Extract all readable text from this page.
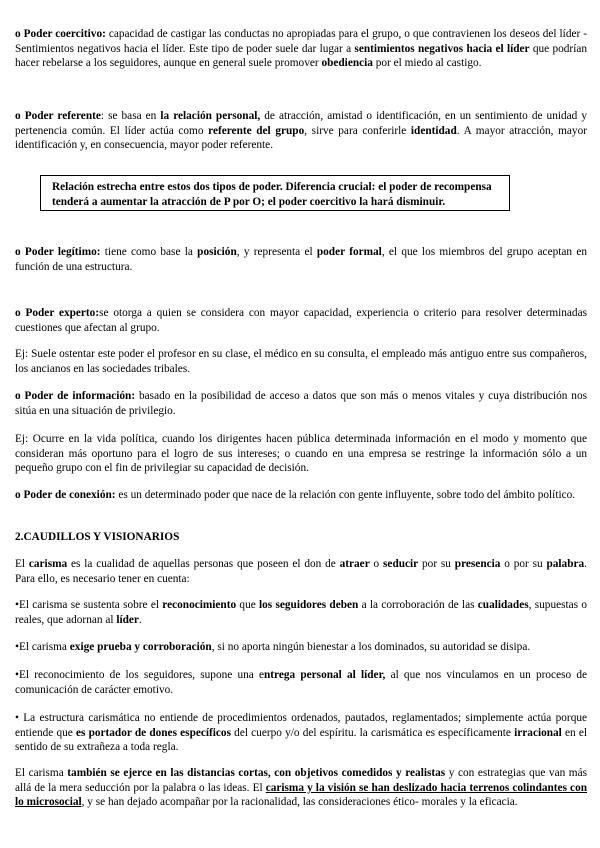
o Poder coercitivo: capacidad de castigar las conductas no apropiadas para el grupo, o que contravienen los deseos del líder - Sentimientos negativos hacia el líder. Este tipo de poder suele dar lugar a sentimientos negativos hacia el líder que podrían hacer rebelarse a los seguidores, aunque en general suele promover obediencia por el miedo al castigo.

o Poder referente: se basa en la relación personal, de atracción, amistad o identificación, en un sentimiento de unidad y pertenencia común. El líder actúa como referente del grupo, sirve para conferirle identidad. A mayor atracción, mayor identificación y, en consecuencia, mayor poder referente.

Relación estrecha entre estos dos tipos de poder. Diferencia crucial: el poder de recompensa tenderá a aumentar la atracción de P por O; el poder coercitivo la hará disminuir.

o Poder legítimo: tiene como base la posición, y representa el poder formal, el que los miembros del grupo aceptan en función de una estructura.

o Poder experto:se otorga a quien se considera con mayor capacidad, experiencia o criterio para resolver determinadas cuestiones que afectan al grupo.

Ej: Suele ostentar este poder el profesor en su clase, el médico en su consulta, el empleado más antiguo entre sus compañeros, los ancianos en las sociedades tribales.

o Poder de información: basado en la posibilidad de acceso a datos que son más o menos vitales y cuya distribución nos sitúa en una situación de privilegio.

Ej: Ocurre en la vida política, cuando los dirigentes hacen pública determinada información en el modo y momento que consideran más oportuno para el logro de sus intereses; o cuando en una empresa se restringe la información sólo a un pequeño grupo con el fin de privilegiar su capacidad de decisión.

o Poder de conexión: es un determinado poder que nace de la relación con gente influyente, sobre todo del ámbito político.

2.CAUDILLOS Y VISIONARIOS

El carisma es la cualidad de aquellas personas que poseen el don de atraer o seducir por su presencia o por su palabra. Para ello, es necesario tener en cuenta:

•El carisma se sustenta sobre el reconocimiento que los seguidores deben a la corroboración de las cualidades, supuestas o reales, que adornan al líder.

•El carisma exige prueba y corroboración, si no aporta ningún bienestar a los dominados, su autoridad se disipa.

•El reconocimiento de los seguidores, supone una entrega personal al líder, al que nos vinculamos en un proceso de comunicación de carácter emotivo.

• La estructura carismática no entiende de procedimientos ordenados, pautados, reglamentados; simplemente actúa porque entiende que es portador de dones específicos del cuerpo y/o del espíritu. la carismática es específicamente irracional en el sentido de su extrañeza a toda regla.

El carisma también se ejerce en las distancias cortas, con objetivos comedidos y realistas y con estrategias que van más allá de la mera seducción por la palabra o las ideas. El carisma y la visión se han deslizado hacia terrenos colindantes con lo microsocial, y se han dejado acompañar por la racionalidad, las consideraciones ético- morales y la eficacia.
